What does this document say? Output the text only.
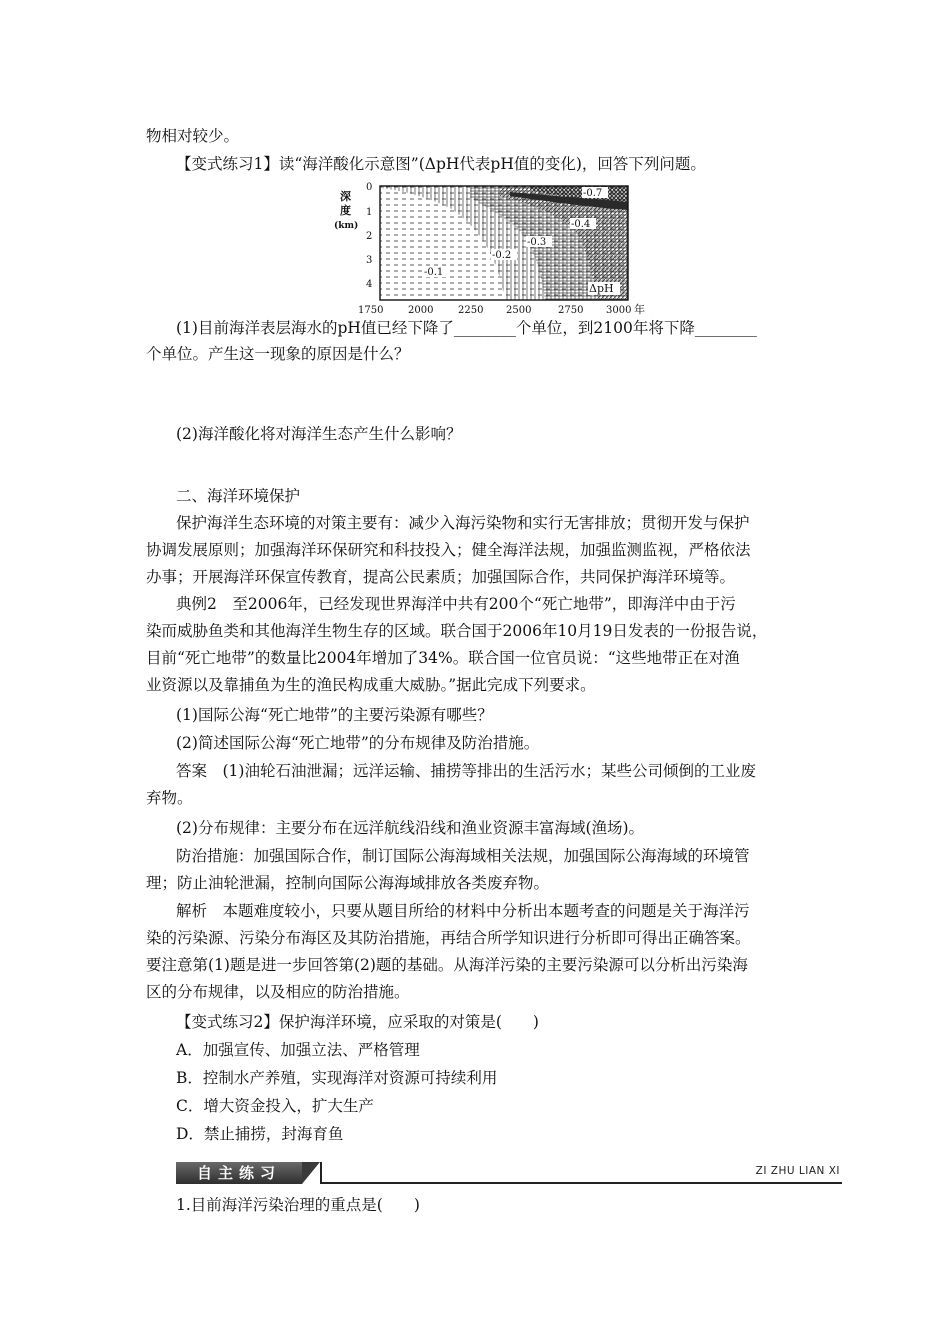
物相对较少。
【变式练习1】读“海洋酸化示意图”(ΔpH代表pH值的变化)，回答下列问题。
-0.7
-0.4
-0.3
-0.2
-0.1
ΔpH
深
度
(km)
0
1
2
3
4
1750 2000 2250 2500	2750 3000 年
(1)目前海洋表层海水的pH值已经下降了________个单位，到2100年将下降________
个单位。产生这一现象的原因是什么？
(2)海洋酸化将对海洋生态产生什么影响？
二、海洋环境保护
保护海洋生态环境的对策主要有：减少入海污染物和实行无害排放；贯彻开发与保护
协调发展原则；加强海洋环保研究和科技投入；健全海洋法规，加强监测监视，严格依法
办事；开展海洋环保宣传教育，提高公民素质；加强国际合作，共同保护海洋环境等。
典例2　至2006年，已经发现世界海洋中共有200个“死亡地带”，即海洋中由于污
染而威胁鱼类和其他海洋生物生存的区域。联合国于2006年10月19日发表的一份报告说，
目前“死亡地带”的数量比2004年增加了34%。联合国一位官员说：“这些地带正在对渔
业资源以及靠捕鱼为生的渔民构成重大威胁。”据此完成下列要求。
(1)国际公海“死亡地带”的主要污染源有哪些？
(2)简述国际公海“死亡地带”的分布规律及防治措施。
答案　(1)油轮石油泄漏；远洋运输、捕捞等排出的生活污水；某些公司倾倒的工业废
弃物。
(2)分布规律：主要分布在远洋航线沿线和渔业资源丰富海域(渔场)。
防治措施：加强国际合作，制订国际公海海域相关法规，加强国际公海海域的环境管
理；防止油轮泄漏，控制向国际公海海域排放各类废弃物。
解析　本题难度较小，只要从题目所给的材料中分析出本题考查的问题是关于海洋污
染的污染源、污染分布海区及其防治措施，再结合所学知识进行分析即可得出正确答案。
要注意第(1)题是进一步回答第(2)题的基础。从海洋污染的主要污染源可以分析出污染海
区的分布规律，以及相应的防治措施。
【变式练习2】保护海洋环境，应采取的对策是(　　)
A．加强宣传、加强立法、严格管理
B．控制水产养殖，实现海洋对资源可持续利用
C．增大资金投入，扩大生产
D．禁止捕捞，封海育鱼
自主练习	ZI ZHU LIAN XI
1.目前海洋污染治理的重点是(　　)
